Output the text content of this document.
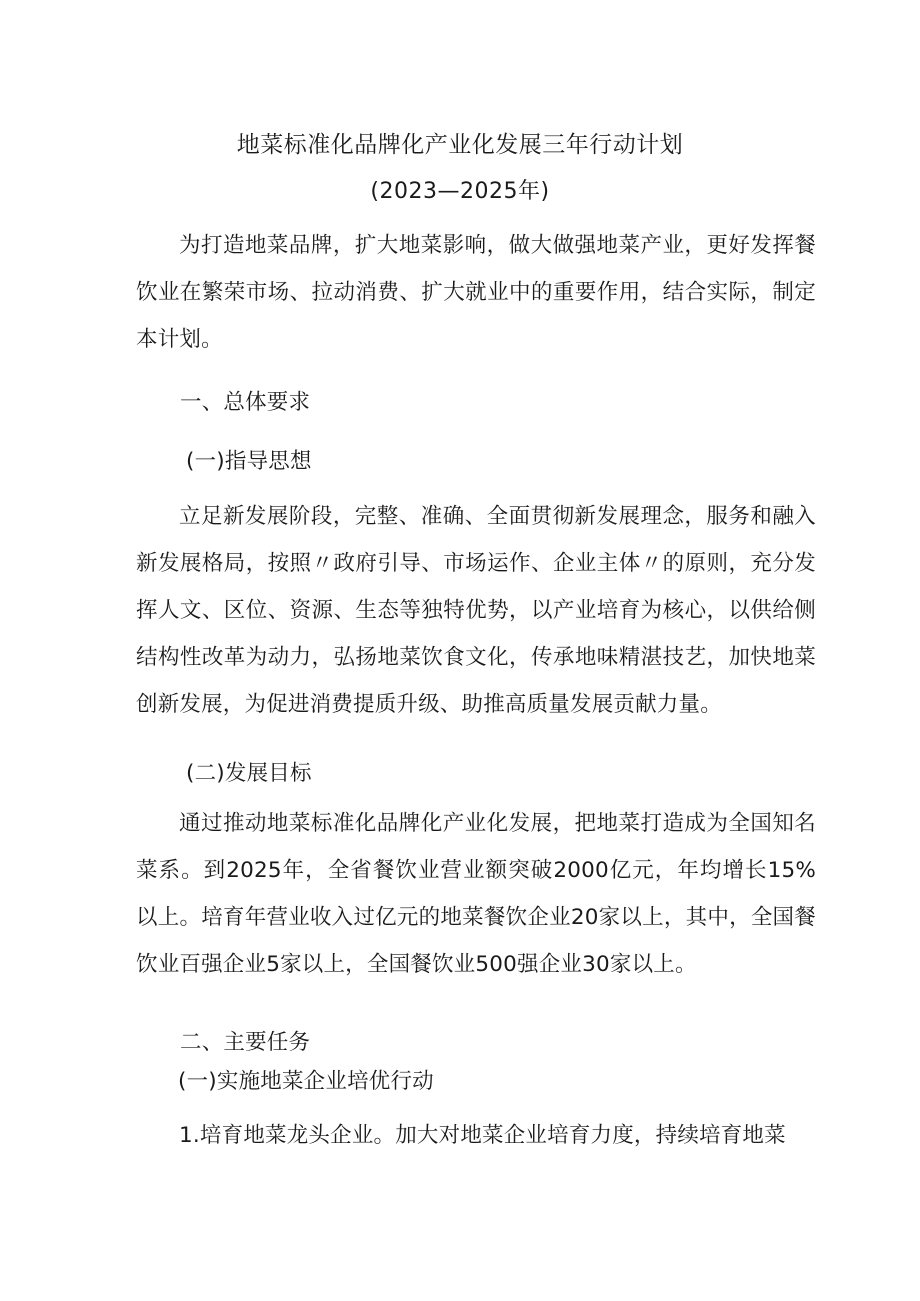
地菜标准化品牌化产业化发展三年行动计划
(2023—2025年)
为打造地菜品牌，扩大地菜影响，做大做强地菜产业，更好发挥餐饮业在繁荣市场、拉动消费、扩大就业中的重要作用，结合实际，制定本计划。
一、总体要求
(一)指导思想
立足新发展阶段，完整、准确、全面贯彻新发展理念，服务和融入新发展格局，按照〃政府引导、市场运作、企业主体〃的原则，充分发挥人文、区位、资源、生态等独特优势，以产业培育为核心，以供给侧结构性改革为动力，弘扬地菜饮食文化，传承地味精湛技艺，加快地菜创新发展，为促进消费提质升级、助推高质量发展贡献力量。
(二)发展目标
通过推动地菜标准化品牌化产业化发展，把地菜打造成为全国知名菜系。到2025年，全省餐饮业营业额突破2000亿元，年均增长15%以上。培育年营业收入过亿元的地菜餐饮企业20家以上，其中，全国餐饮业百强企业5家以上，全国餐饮业500强企业30家以上。
二、主要任务
(一)实施地菜企业培优行动
1.培育地菜龙头企业。加大对地菜企业培育力度，持续培育地菜
